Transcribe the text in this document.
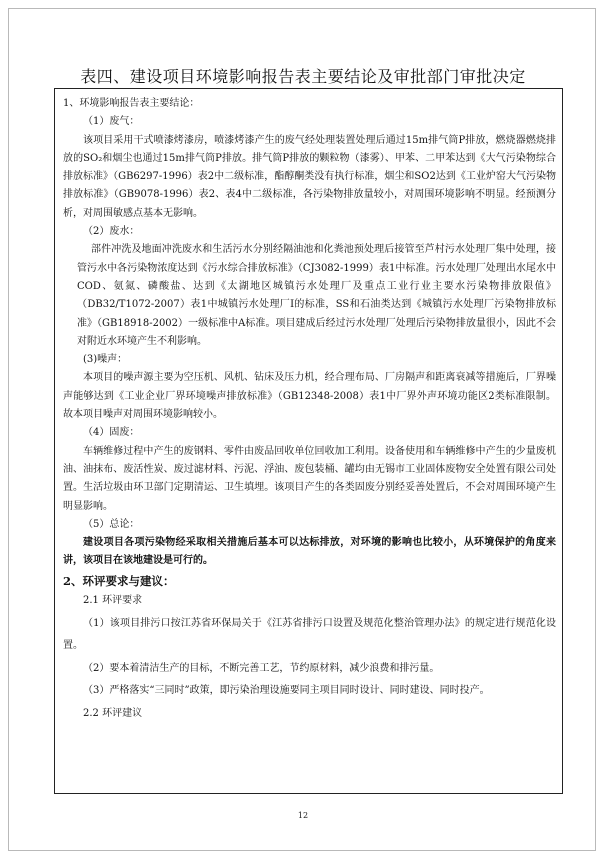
表四、建设项目环境影响报告表主要结论及审批部门审批决定

1、环境影响报告表主要结论：

（1）废气：

该项目采用干式喷漆烤漆房，喷漆烤漆产生的废气经处理装置处理后通过15m排气筒P排放，燃烧器燃烧排放的SO₂和烟尘也通过15m排气筒P排放。排气筒P排放的颗粒物（漆雾）、甲苯、二甲苯达到《大气污染物综合排放标准》（GB6297-1996）表2中二级标准，酯醇酮类没有执行标准，烟尘和SO2达到《工业炉窑大气污染物排放标准》（GB9078-1996）表2、表4中二级标准，各污染物排放量较小，对周围环境影响不明显。经预测分析，对周围敏感点基本无影响。

（2）废水：

部件冲洗及地面冲洗废水和生活污水分别经隔油池和化粪池预处理后接管至芦村污水处理厂集中处理，接管污水中各污染物浓度达到《污水综合排放标准》（CJ3082-1999）表1中标准。污水处理厂处理出水尾水中COD、氨氮、磷酸盐、达到《太湖地区城镇污水处理厂及重点工业行业主要水污染物排放限值》（DB32/T1072-2007）表1中城镇污水处理厂I的标准，SS和石油类达到《城镇污水处理厂污染物排放标准》（GB18918-2002）一级标准中A标准。项目建成后经过污水处理厂处理后污染物排放量很小，因此不会对附近水环境产生不利影响。

(3)噪声：

本项目的噪声源主要为空压机、风机、钻床及压力机，经合理布局、厂房隔声和距离衰减等措施后，厂界噪声能够达到《工业企业厂界环境噪声排放标准》（GB12348-2008）表1中厂界外声环境功能区2类标准限制。故本项目噪声对周围环境影响较小。

（4）固废：

车辆维修过程中产生的废钢料、零件由废品回收单位回收加工利用。设备使用和车辆维修中产生的少量废机油、油抹布、废活性炭、废过滤材料、污泥、浮油、废包装桶、罐均由无锡市工业固体废物安全处置有限公司处置。生活垃圾由环卫部门定期清运、卫生填埋。该项目产生的各类固废分别经妥善处置后，不会对周围环境产生明显影响。

（5）总论：

建设项目各项污染物经采取相关措施后基本可以达标排放，对环境的影响也比较小，从环境保护的角度来讲，该项目在该地建设是可行的。

2、环评要求与建议：

2.1 环评要求

（1）该项目排污口按江苏省环保局关于《江苏省排污口设置及规范化整治管理办法》的规定进行规范化设置。

（2）要本着清洁生产的目标，不断完善工艺，节约原材料，减少浪费和排污量。

（3）严格落实“三同时”政策，即污染治理设施要同主项目同时设计、同时建设、同时投产。

2.2 环评建议

12
